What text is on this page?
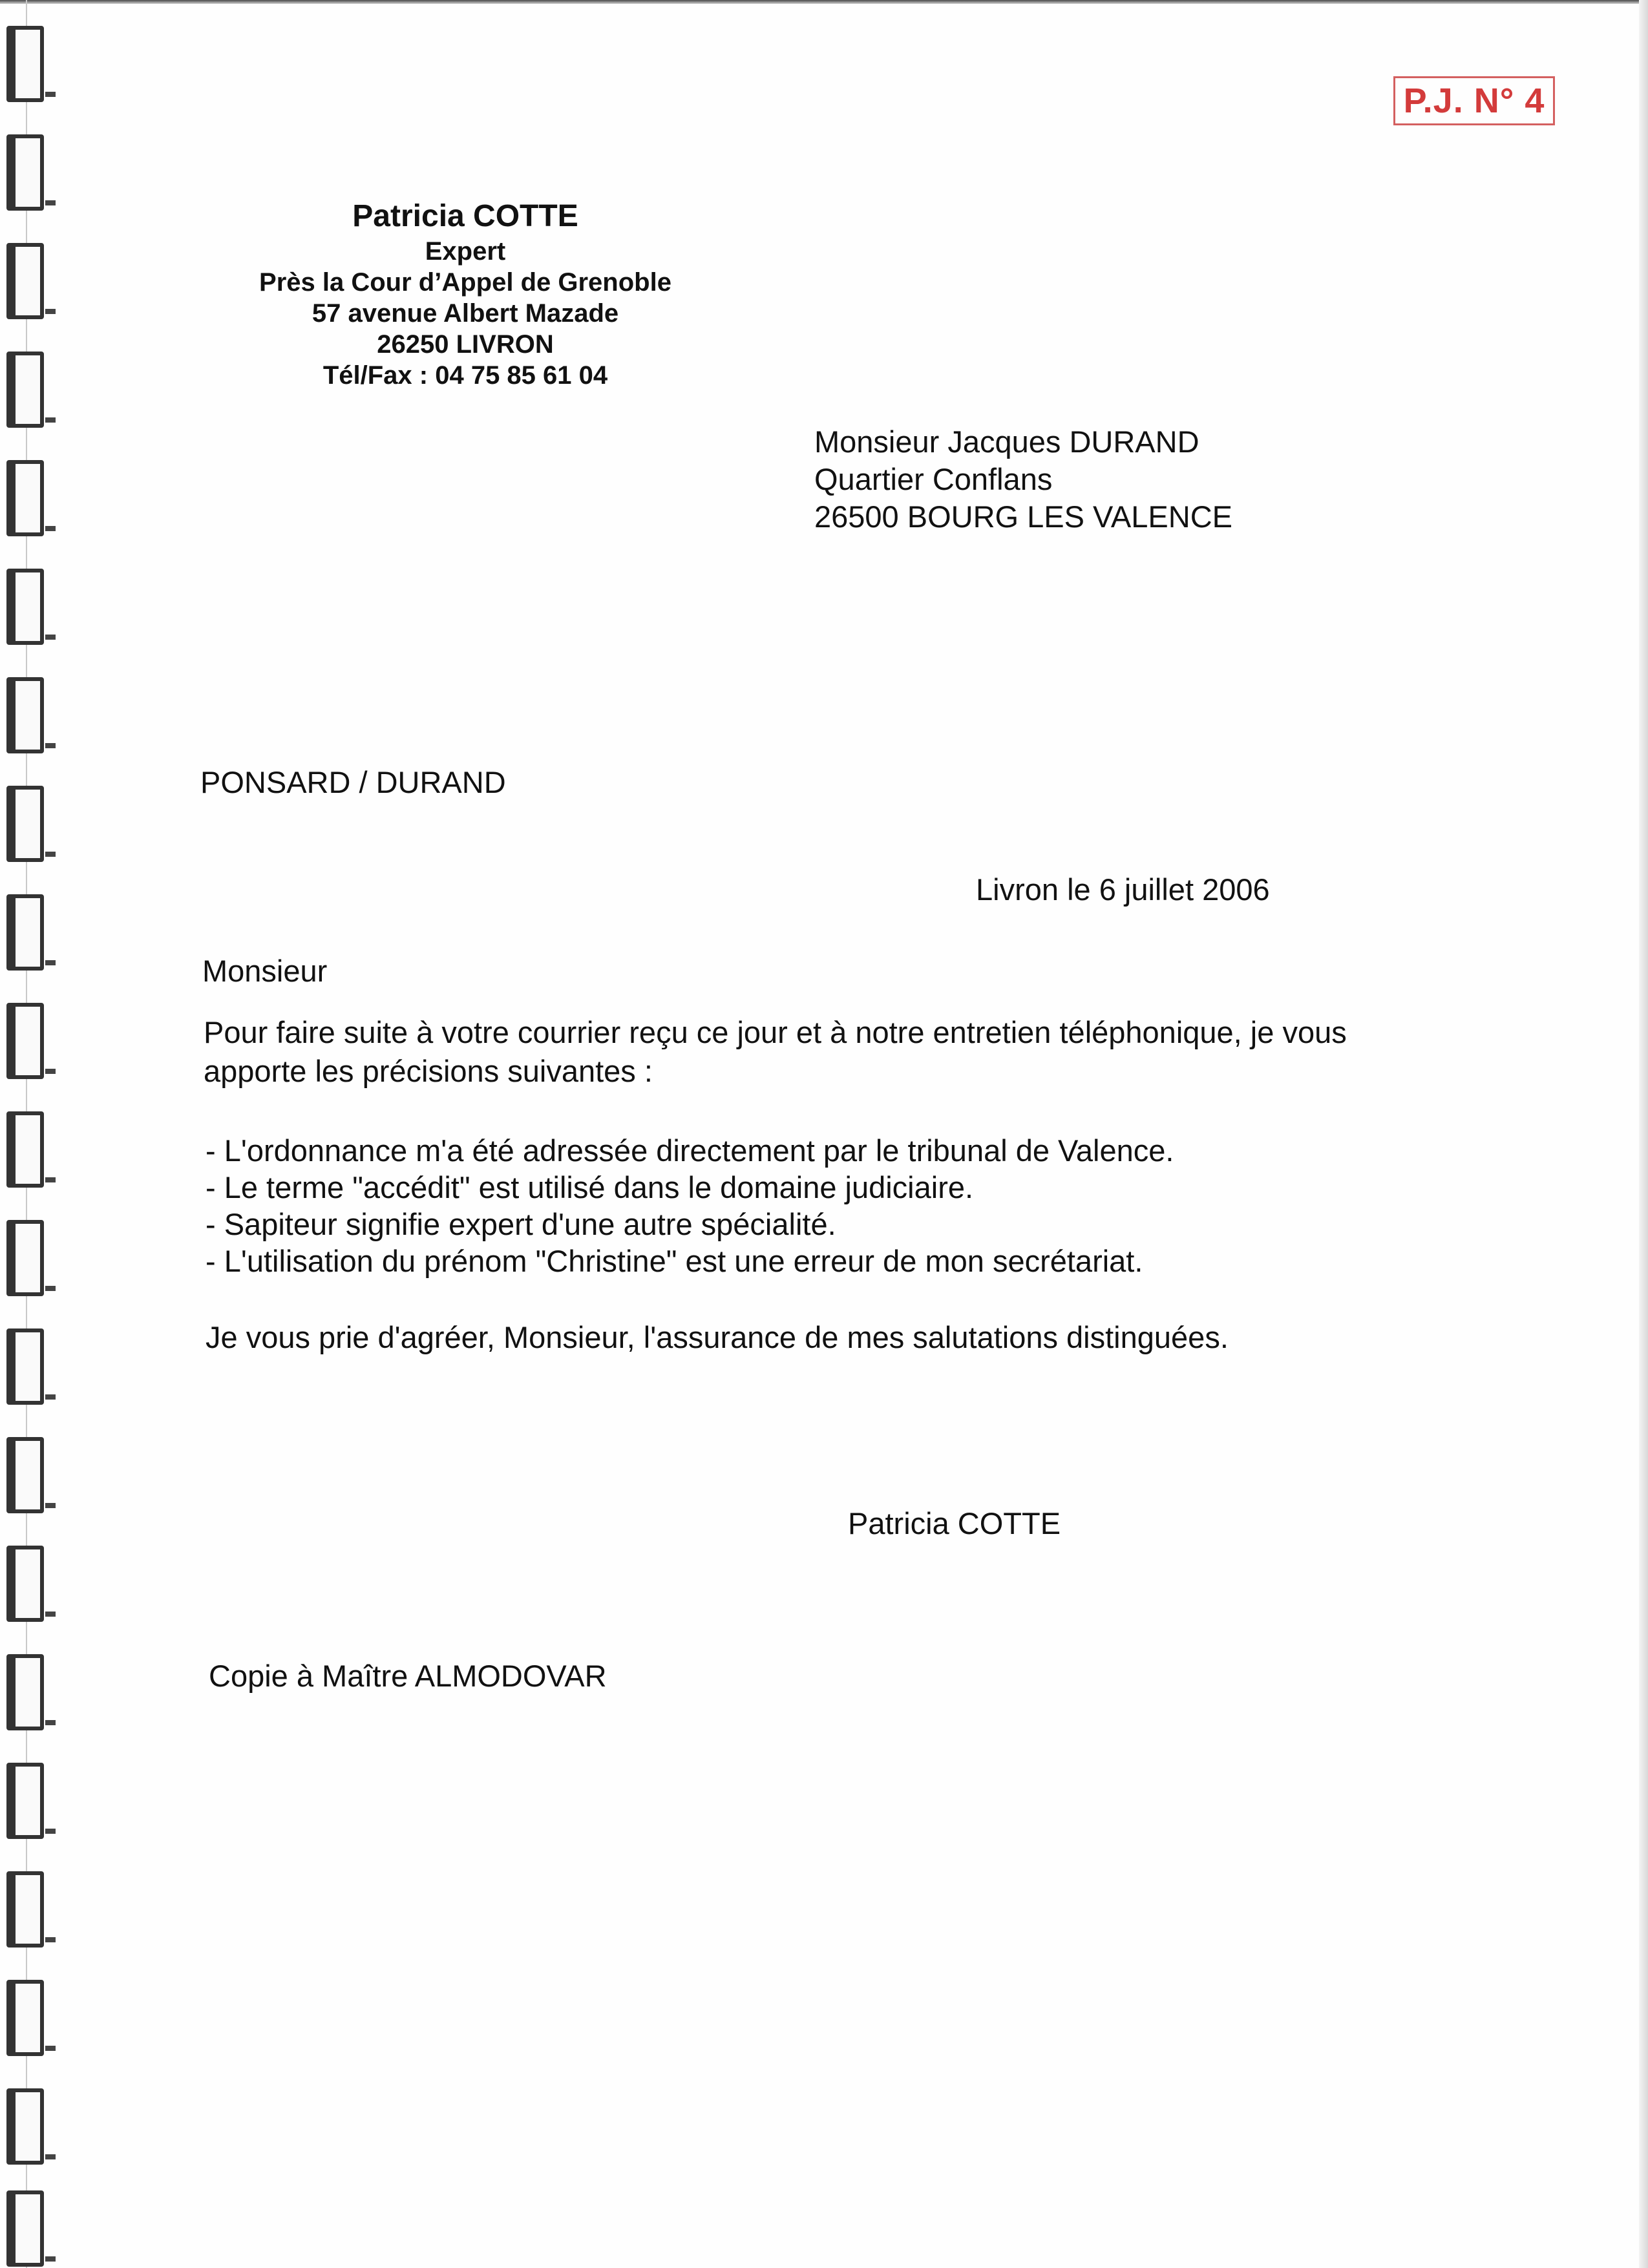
P.J. N° 4
Patricia COTTE
Expert
Près la Cour d’Appel de Grenoble
57 avenue Albert Mazade
26250 LIVRON
Tél/Fax : 04 75 85 61 04
Monsieur Jacques DURAND
Quartier Conflans
26500 BOURG LES VALENCE
PONSARD / DURAND
Livron le 6 juillet 2006
Monsieur
Pour faire suite à votre courrier reçu ce jour et à notre entretien téléphonique, je vous
apporte les précisions suivantes :
- L'ordonnance m'a été adressée directement par le tribunal de Valence.
- Le terme "accédit" est utilisé dans le domaine judiciaire.
- Sapiteur signifie expert d'une autre spécialité.
- L'utilisation du prénom "Christine" est une erreur de mon secrétariat.
Je vous prie d'agréer, Monsieur, l'assurance de mes salutations distinguées.
Patricia COTTE
Copie à Maître ALMODOVAR
